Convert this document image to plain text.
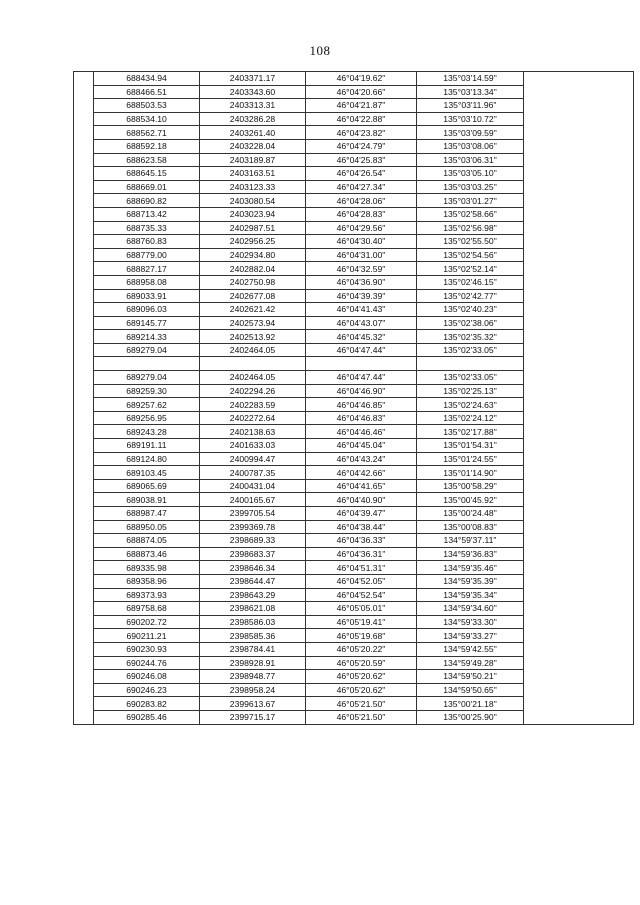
108
	688434.94	2403371.17	46°04'19.62"	135°03'14.59"	
	688466.51	2403343.60	46°04'20.66"	135°03'13.34"	
	688503.53	2403313.31	46°04'21.87"	135°03'11.96"	
	688534.10	2403286.28	46°04'22.88"	135°03'10.72"	
	688562.71	2403261.40	46°04'23.82"	135°03'09.59"	
	688592.18	2403228.04	46°04'24.79"	135°03'08.06"	
	688623.58	2403189.87	46°04'25.83"	135°03'06.31"	
	688645.15	2403163.51	46°04'26.54"	135°03'05.10"	
	688669.01	2403123.33	46°04'27.34"	135°03'03.25"	
	688690.82	2403080.54	46°04'28.06"	135°03'01.27"	
	688713.42	2403023.94	46°04'28.83"	135°02'58.66"	
	688735.33	2402987.51	46°04'29.56"	135°02'56.98"	
	688760.83	2402956.25	46°04'30.40"	135°02'55.50"	
	688779.00	2402934.80	46°04'31.00"	135°02'54.56"	
	688827.17	2402882.04	46°04'32.59"	135°02'52.14"	
	688958.08	2402750.98	46°04'36.90"	135°02'46.15"	
	689033.91	2402677.08	46°04'39.39"	135°02'42.77"	
	689096.03	2402621.42	46°04'41.43"	135°02'40.23"	
	689145.77	2402573.94	46°04'43.07"	135°02'38.06"	
	689214.33	2402513.92	46°04'45.32"	135°02'35.32"	
	689279.04	2402464.05	46°04'47.44"	135°02'33.05"	

	689279.04	2402464.05	46°04'47.44"	135°02'33.05"	
	689259.30	2402294.26	46°04'46.90"	135°02'25.13"	
	689257.62	2402283.59	46°04'46.85"	135°02'24.63"	
	689256.95	2402272.64	46°04'46.83"	135°02'24.12"	
	689243.28	2402138.63	46°04'46.46"	135°02'17.88"	
	689191.11	2401633.03	46°04'45.04"	135°01'54.31"	
	689124.80	2400994.47	46°04'43.24"	135°01'24.55"	
	689103.45	2400787.35	46°04'42.66"	135°01'14.90"	
	689065.69	2400431.04	46°04'41.65"	135°00'58.29"	
	689038.91	2400165.67	46°04'40.90"	135°00'45.92"	
	688987.47	2399705.54	46°04'39.47"	135°00'24.48"	
	688950.05	2399369.78	46°04'38.44"	135°00'08.83"	
	688874.05	2398689.33	46°04'36.33"	134°59'37.11"	
	688873.46	2398683.37	46°04'36.31"	134°59'36.83"	
	689335.98	2398646.34	46°04'51.31"	134°59'35.46"	
	689358.96	2398644.47	46°04'52.05"	134°59'35.39"	
	689373.93	2398643.29	46°04'52.54"	134°59'35.34"	
	689758.68	2398621.08	46°05'05.01"	134°59'34.60"	
	690202.72	2398586.03	46°05'19.41"	134°59'33.30"	
	690211.21	2398585.36	46°05'19.68"	134°59'33.27"	
	690230.93	2398784.41	46°05'20.22"	134°59'42.55"	
	690244.76	2398928.91	46°05'20.59"	134°59'49.28"	
	690246.08	2398948.77	46°05'20.62"	134°59'50.21"	
	690246.23	2398958.24	46°05'20.62"	134°59'50.65"	
	690283.82	2399613.67	46°05'21.50"	135°00'21.18"	
	690285.46	2399715.17	46°05'21.50"	135°00'25.90"	
